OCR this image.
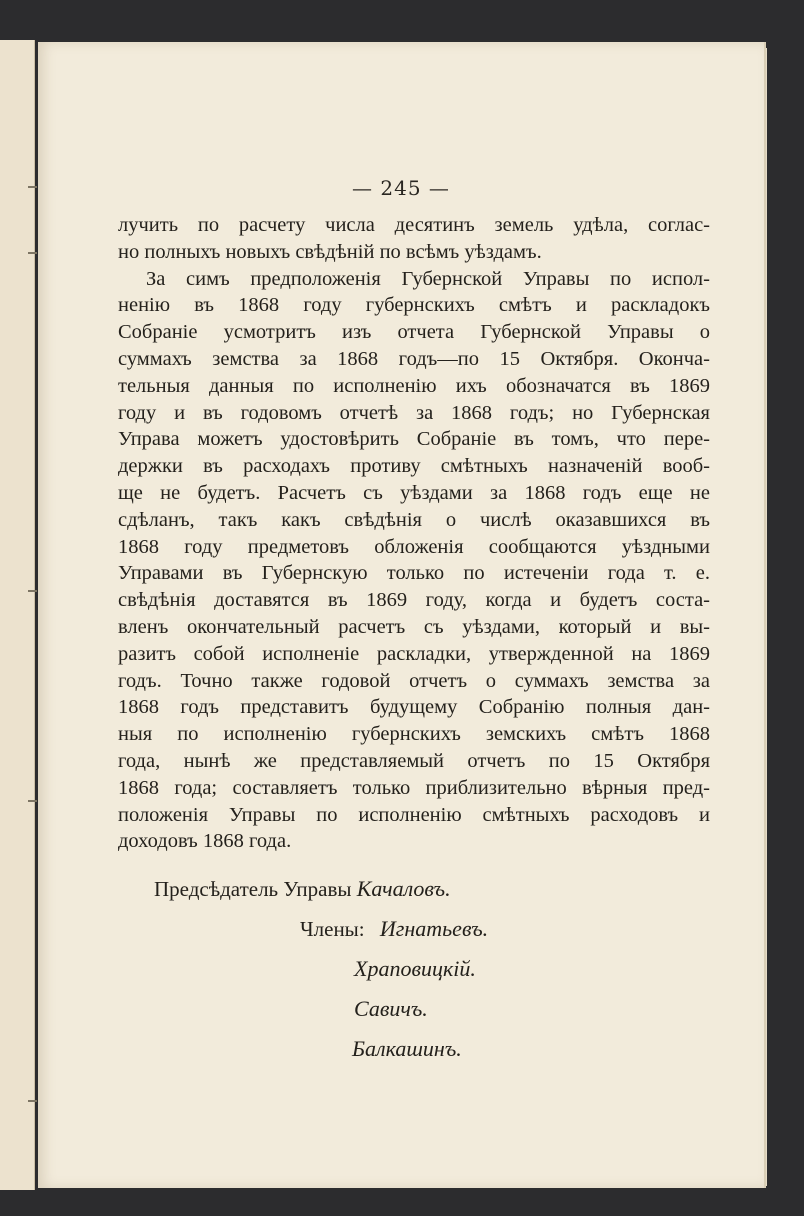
— 245 —
лучить по расчету числа десятинъ земель удѣла, соглас-
но полныхъ новыхъ свѣдѣнiй по всѣмъ уѣздамъ.
За симъ предположенiя Губернской Управы по испол-
ненiю въ 1868 году губернскихъ смѣтъ и раскладокъ
Собранiе усмотритъ изъ отчета Губернской Управы о
суммахъ земства за 1868 годъ—по 15 Октября. Оконча-
тельныя данныя по исполненiю ихъ обозначатся въ 1869
году и въ годовомъ отчетѣ за 1868 годъ; но Губернская
Управа можетъ удостовѣрить Собранiе въ томъ, что пере-
держки въ расходахъ противу смѣтныхъ назначенiй вооб-
ще не будетъ. Расчетъ съ уѣздами за 1868 годъ еще не
сдѣланъ, такъ какъ свѣдѣнiя о числѣ оказавшихся въ
1868 году предметовъ обложенiя сообщаются уѣздными
Управами въ Губернскую только по истеченiи года т. е.
свѣдѣнiя доставятся въ 1869 году, когда и будетъ соста-
вленъ окончательный расчетъ съ уѣздами, который и вы-
разитъ собой исполненiе раскладки, утвержденной на 1869
годъ. Точно также годовой отчетъ о суммахъ земства за
1868 годъ представитъ будущему Собранiю полныя дан-
ныя по исполненiю губернскихъ земскихъ смѣтъ 1868
года, нынѣ же представляемый отчетъ по 15 Октября
1868 года; составляетъ только приблизительно вѣрныя пред-
положенiя Управы по исполненiю смѣтныхъ расходовъ и
доходовъ 1868 года.
Предсѣдатель Управы Качаловъ.
Члены: Игнатьевъ.
Храповицкiй.
Савичъ.
Балкашинъ.
